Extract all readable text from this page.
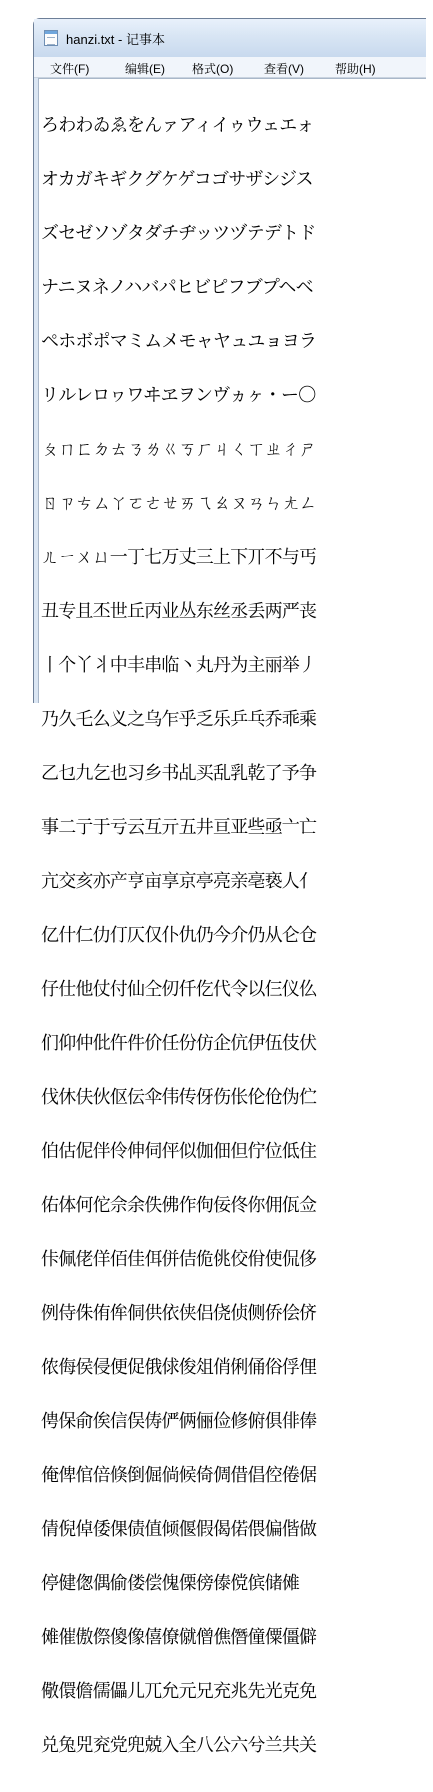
hanzi.txt - 记事本
文件(F)	编辑(E) 格式(O)	查看(V)	帮助(H)

ろわわゐゑをんァアィイゥウェエォ

オカガキギクグケゲコゴサザシジス

ズセゼソゾタダチヂッツヅテデトド

ナニヌネノハバパヒビピフブプヘベ

ペホボポマミムメモャヤュユョヨラ

リルレロヮワヰヱヲンヴヵヶ・ー〇

ㄆㄇㄈㄉㄊㄋㄌㄍㄎㄏㄐㄑㄒㄓㄔㄕ

ㄖㄗㄘㄙㄚㄛㄜㄝㄞㄟㄠㄡㄢㄣㄤㄥ

ㄦㄧㄨㄩ一丁七万丈三上下丌不与丐

丑专且丕世丘丙业丛东丝丞丢两严丧

丨个丫丬中丰串临丶丸丹为主丽举丿

乃久乇么义之乌乍乎乏乐乒乓乔乖乘

乙乜九乞也习乡书乩买乱乳乾了予争

事二亍于亏云互亓五井亘亚些亟亠亡

亢交亥亦产亨亩享京亭亮亲亳亵人亻

亿什仁仂仃仄仅仆仇仍今介仍从仑仓

仔仕他仗付仙仝仞仟仡代令以仨仪仫

们仰仲仳仵件价任份仿企伉伊伍伎伏

伐休伕伙伛伝伞伟传伢伤伥伦伧伪伫

伯估伲伴伶伸伺伻似伽佃但佇位低住

佑体何佗佘余佚佛作佝佞佟你佣佤佥

佧佩佬佯佰佳佴併佶佹佻佼佾使侃侈

例侍侏侑侔侗供依侠侣侥侦侧侨侩侪

侬侮侯侵便促俄俅俊俎俏俐俑俗俘俚

俜保俞俟信俣俦俨俩俪俭修俯俱俳俸

俺俾倌倍倏倒倔倘候倚倜借倡倥倦倨

倩倪倬倭倮债值倾偃假偈偌偎偏偕做

停健偬偶偷偻偿傀傈傍傣傥傧储傩

傩催傲傺傻像僖僚僦僧僬僭僮僳僵僻

儆儇儋儒儡儿兀允元兄充兆先光克免

兑兔兕兖党兜兢入全八公六兮兰共关
